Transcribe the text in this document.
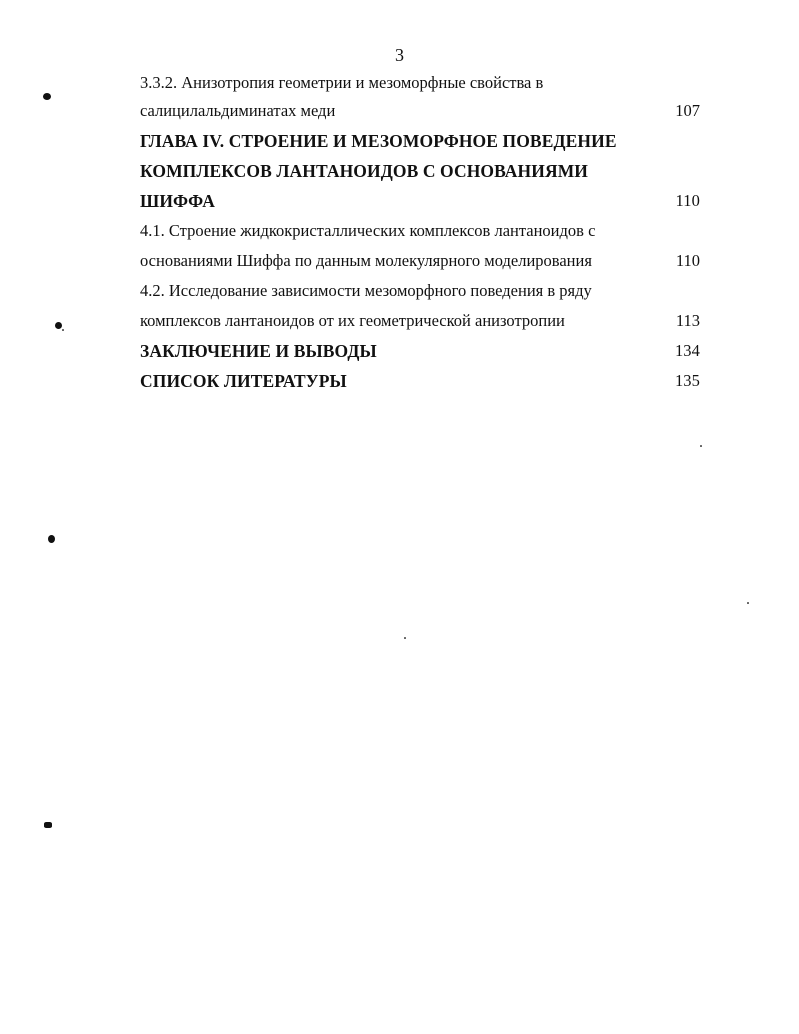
3
3.3.2. Анизотропия геометрии и мезоморфные свойства в
салицилальдиминатах меди	107
ГЛАВА IV. СТРОЕНИЕ И МЕЗОМОРФНОЕ ПОВЕДЕНИЕ
КОМПЛЕКСОВ ЛАНТАНОИДОВ С ОСНОВАНИЯМИ
ШИФФА	110
4.1. Строение жидкокристаллических комплексов лантаноидов с
основаниями Шиффа по данным молекулярного моделирования	110
4.2. Исследование зависимости мезоморфного поведения в ряду
комплексов лантаноидов от их геометрической анизотропии	113
ЗАКЛЮЧЕНИЕ И ВЫВОДЫ	134
СПИСОК ЛИТЕРАТУРЫ	135
